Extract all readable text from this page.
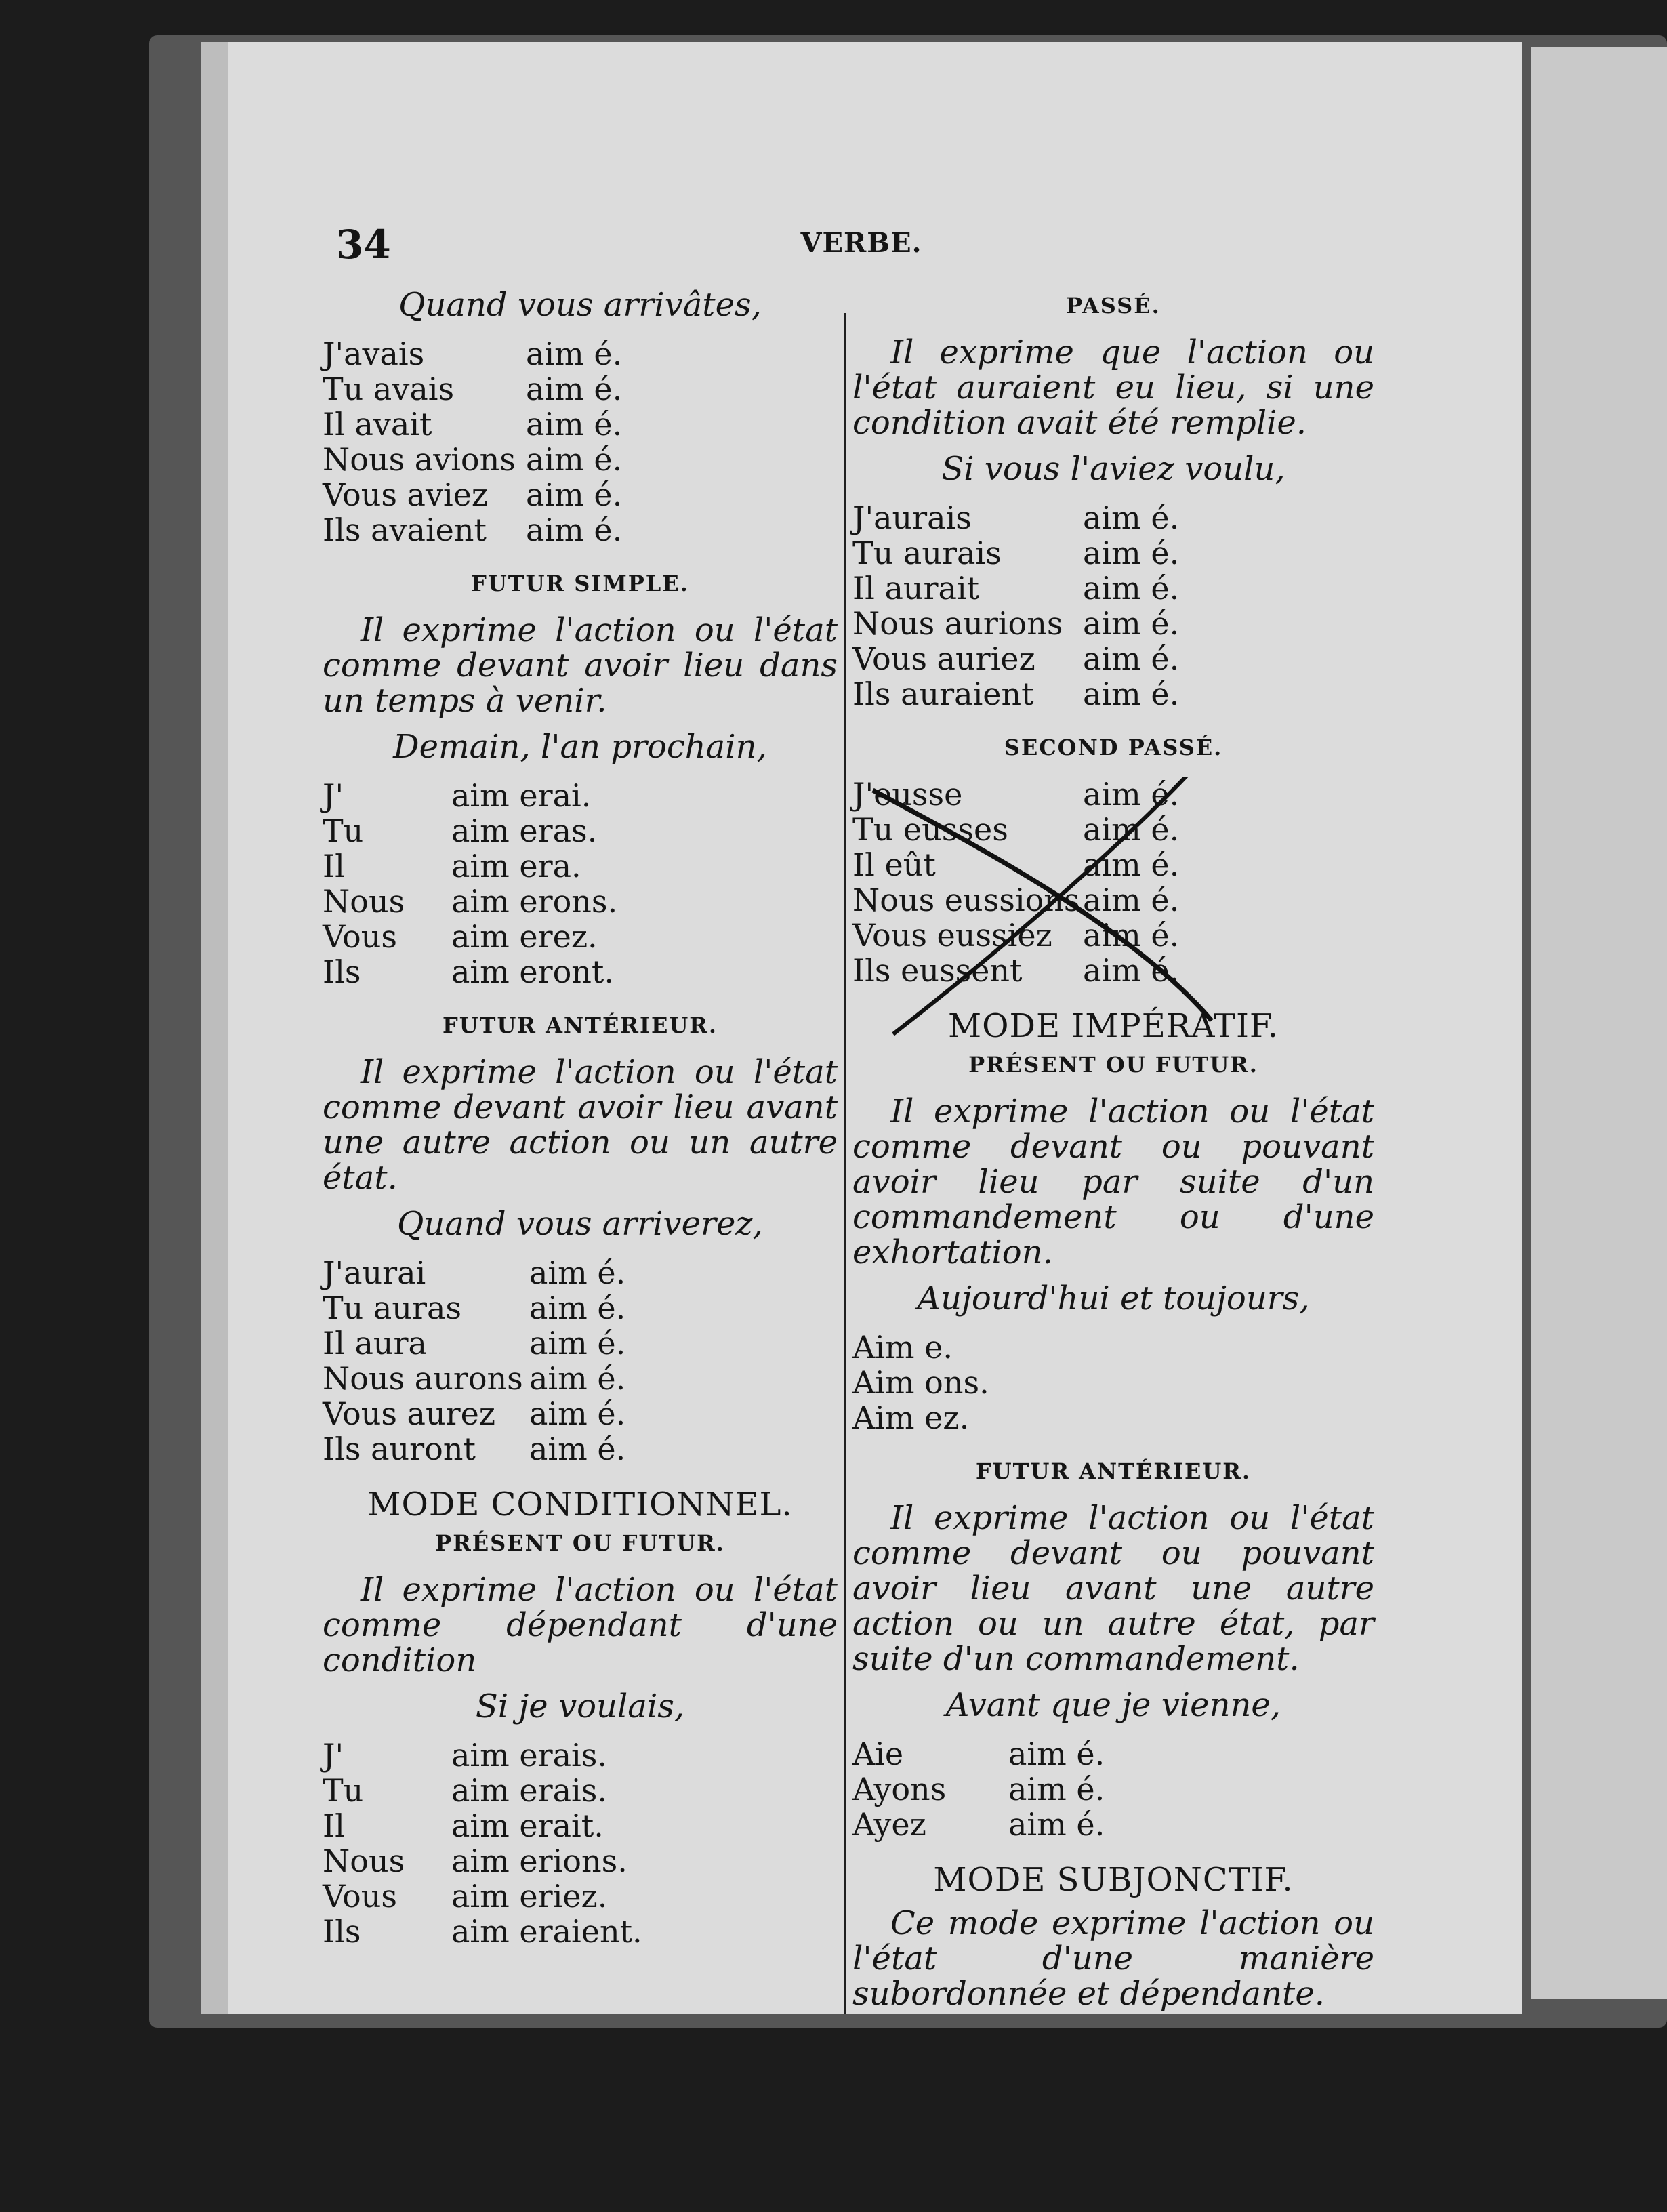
34	VERBE.
Quand vous arrivâtes,
J'avais	aim é.
Tu avais	aim é.
Il avait	aim é.
Nous avions aim é.
Vous aviez	aim é.
Ils avaient	aim é.
FUTUR SIMPLE.

Il exprime l'action ou l'état comme devant avoir lieu dans un temps à venir.

Demain, l'an prochain,
J'	aim erai.
Tu	aim eras.
Il	aim era.
Nous	aim erons.
Vous	aim erez.
Ils	aim eront.
FUTUR ANTÉRIEUR.

Il exprime l'action ou l'état comme devant avoir lieu avant une autre action ou un autre état.

Quand vous arriverez,
J'aurai	aim é.
Tu auras	aim é.
Il aura	aim é.
Nous aurons aim é.
Vous aurez	aim é.
Ils auront	aim é.
MODE CONDITIONNEL.
PRÉSENT OU FUTUR.

Il exprime l'action ou l'état comme dépendant d'une condition

Si je voulais,
J'	aim erais.
Tu	aim erais.
Il	aim erait.
Nous	aim erions.
Vous	aim eriez.
Ils	aim eraient.
PASSÉ.

Il exprime que l'action ou l'état auraient eu lieu, si une condition avait été remplie.

Si vous l'aviez voulu,
J'aurais	aim é.
Tu aurais	aim é.
Il aurait	aim é.
Nous aurions aim é.
Vous auriez	aim é.
Ils auraient	aim é.
SECOND PASSÉ.
J'eusse	aim é.
Tu eusses	aim é.
Il eût	aim é.
Nous eussions aim é.
Vous eussiez aim é.
Ils eussent	aim é.
MODE IMPÉRATIF.
PRÉSENT OU FUTUR.

Il exprime l'action ou l'état comme devant ou pouvant avoir lieu par suite d'un commandement ou d'une exhortation.

Aujourd'hui et toujours,
Aim e.
Aim ons.
Aim ez.
FUTUR ANTÉRIEUR.

Il exprime l'action ou l'état comme devant ou pouvant avoir lieu avant une autre action ou un autre état, par suite d'un commandement.

Avant que je vienne,
Aie	aim é.
Ayons	aim é.
Ayez	aim é.
MODE SUBJONCTIF.

Ce mode exprime l'action ou l'état d'une manière subordonnée et dépendante.
